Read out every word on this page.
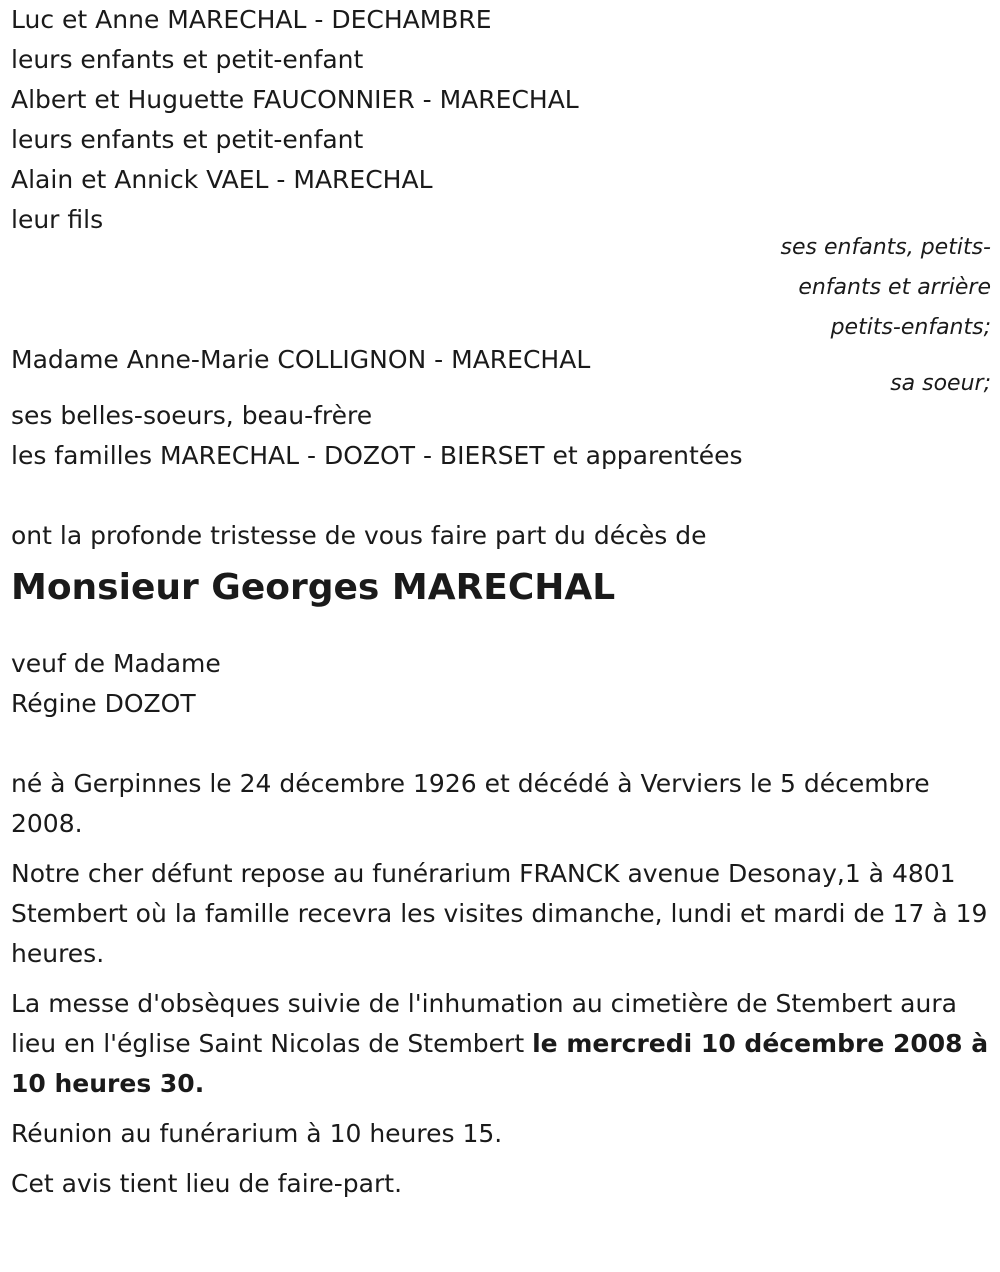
Luc et Anne MARECHAL - DECHAMBRE

leurs enfants et petit-enfant

Albert et Huguette FAUCONNIER - MARECHAL

leurs enfants et petit-enfant

Alain et Annick VAEL - MARECHAL

leur fils

ses enfants, petits-

enfants et arrière

petits-enfants;

Madame Anne-Marie COLLIGNON - MARECHAL

sa soeur;

ses belles-soeurs, beau-frère

les familles MARECHAL - DOZOT - BIERSET et apparentées

ont la profonde tristesse de vous faire part du décès de

Monsieur Georges MARECHAL

veuf de Madame

Régine DOZOT

né à Gerpinnes le 24 décembre 1926 et décédé à Verviers le 5 décembre 2008.

Notre cher défunt repose au funérarium FRANCK avenue Desonay,1 à 4801 Stembert où la famille recevra les visites dimanche, lundi et mardi de 17 à 19 heures.

La messe d'obsèques suivie de l'inhumation au cimetière de Stembert aura lieu en l'église Saint Nicolas de Stembert le mercredi 10 décembre 2008 à 10 heures 30.

Réunion au funérarium à 10 heures 15.

Cet avis tient lieu de faire-part.
